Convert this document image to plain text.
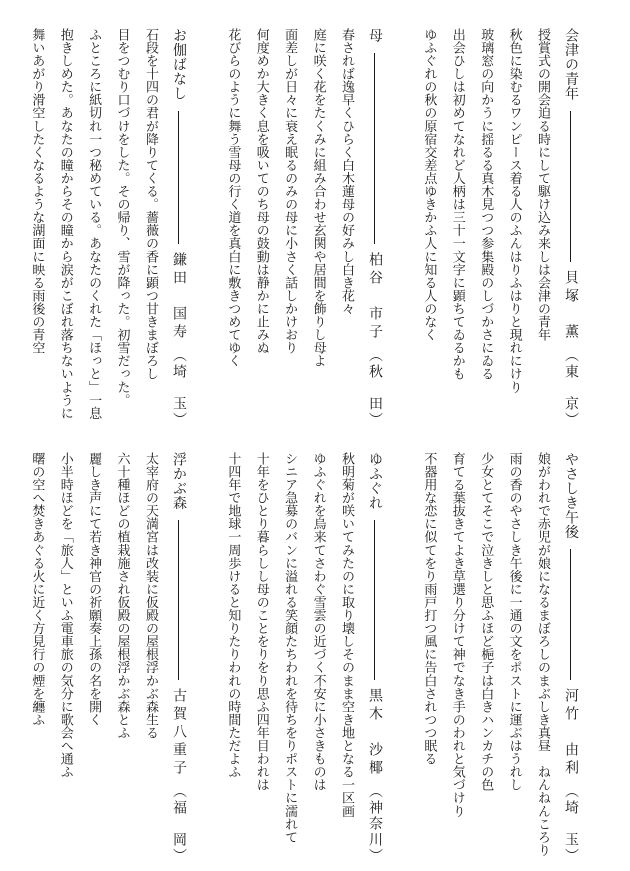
会津の青年
貝塚　薫
（東　京）
授賞式の開会迫る時にして駆け込み来しは会津の青年
秋色に染むるワンピース着る人のふんはりふはりと現れにけり
玻璃窓の向かうに揺るる真木見つつ参集殿のしづかさにゐる
出会ひしは初めてなれど人柄は三十一文字に顕ちてゐるかも
ゆふぐれの秋の原宿交差点ゆきかふ人に知る人のなく
母
柏谷　市子
（秋　田）
春されば逸早くひらく白木蓮母の好みし白き花々
庭に咲く花をたくみに組み合わせ玄関や居間を飾りし母よ
面差しが日々に衰え眠るのみの母に小さく話しかけおり
何度めか大きく息を吸いてのち母の鼓動は静かに止みぬ
花びらのように舞う雪母の行く道を真白に敷きつめてゆく
お伽ばなし
鎌田　国寿
（埼　玉）
石段を十四の君が降りてくる。薔薇の香に顕つ甘きまぼろし
目をつむり口づけをした。その帰り、雪が降った。初雪だった。
ふところに紙切れ一つ秘めている。あなたのくれた「ほっと」一息
抱きしめた。あなたの瞳からその瞳から涙がこぼれ落ちないように
舞いあがり滑空したくなるような湖面に映る雨後の青空
やさしき午後
河竹　由利
（埼　玉）
娘がわれで赤児が娘になるまぼろしのまぶしき真昼　ねんねんころり
雨の香のやさしき午後に一通の文をポストに運ぶはうれし
少女とてそこで泣きしと思ふほど梔子は白きハンカチの色
育てる葉抜きてよき草選り分けて神でなき手のわれと気づけり
不器用な恋に似てをり雨戸打つ風に告白されつつ眠る
ゆふぐれ
黒木　沙椰
（神奈川）
秋明菊が咲いてみたのに取り壊しそのまま空き地となる一区画
ゆふぐれを烏来てさわぐ雪雲の近づく不安に小さきものは
シニア急募のバンに溢れる笑顔たちわれを待ちをりポストに濡れて
十年をひとり暮らしし母のことをりをり思ふ四年目われは
十四年で地球一周歩けると知りたりわれの時間ただよふ
浮かぶ森
古賀八重子
（福　岡）
太宰府の天満宮は改装に仮殿の屋根浮かぶ森生る
六十種ほどの植栽施され仮殿の屋根浮かぶ森とふ
麗しき声にて若き神官の祈願奏上孫の名を開く
小半時ほどを「旅人」といふ電車旅の気分に歌会へ通ふ
曙の空へ焚きあぐる火に近く方見行の煙を纏ふ
